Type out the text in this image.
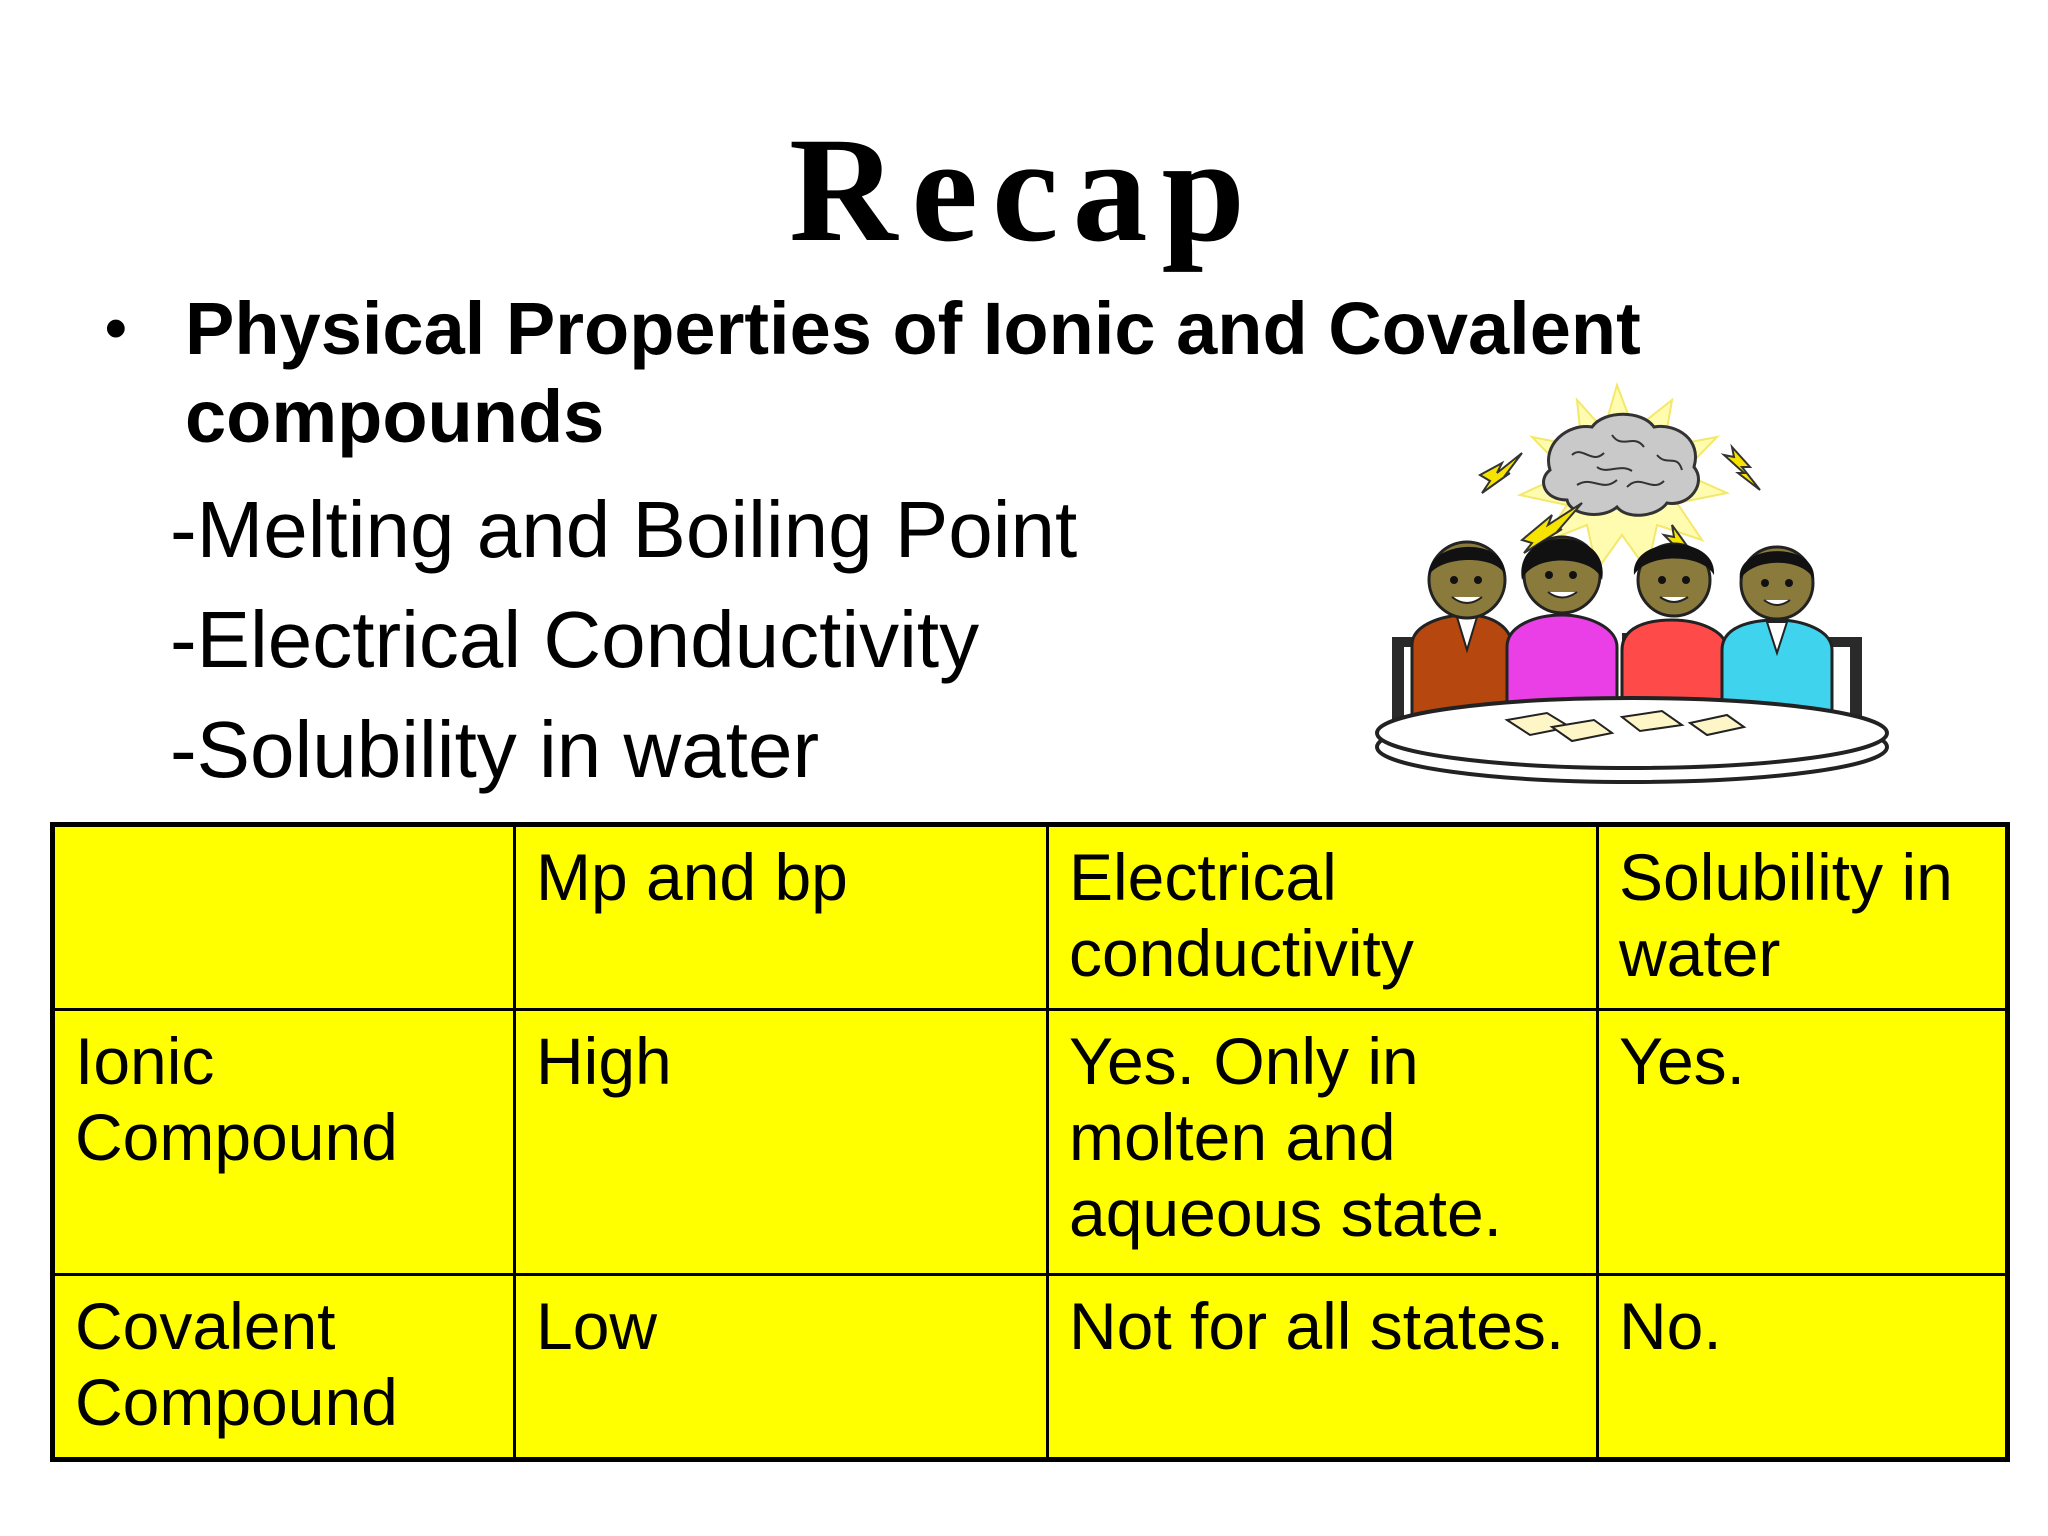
Recap
• Physical Properties of Ionic and Covalent compounds
-Melting and Boiling Point
-Electrical Conductivity
-Solubility in water
	Mp and bp	Electrical conductivity	Solubility in water
Ionic Compound	High	Yes. Only in molten and aqueous state.	Yes.
Covalent Compound	Low	Not for all states.	No.
